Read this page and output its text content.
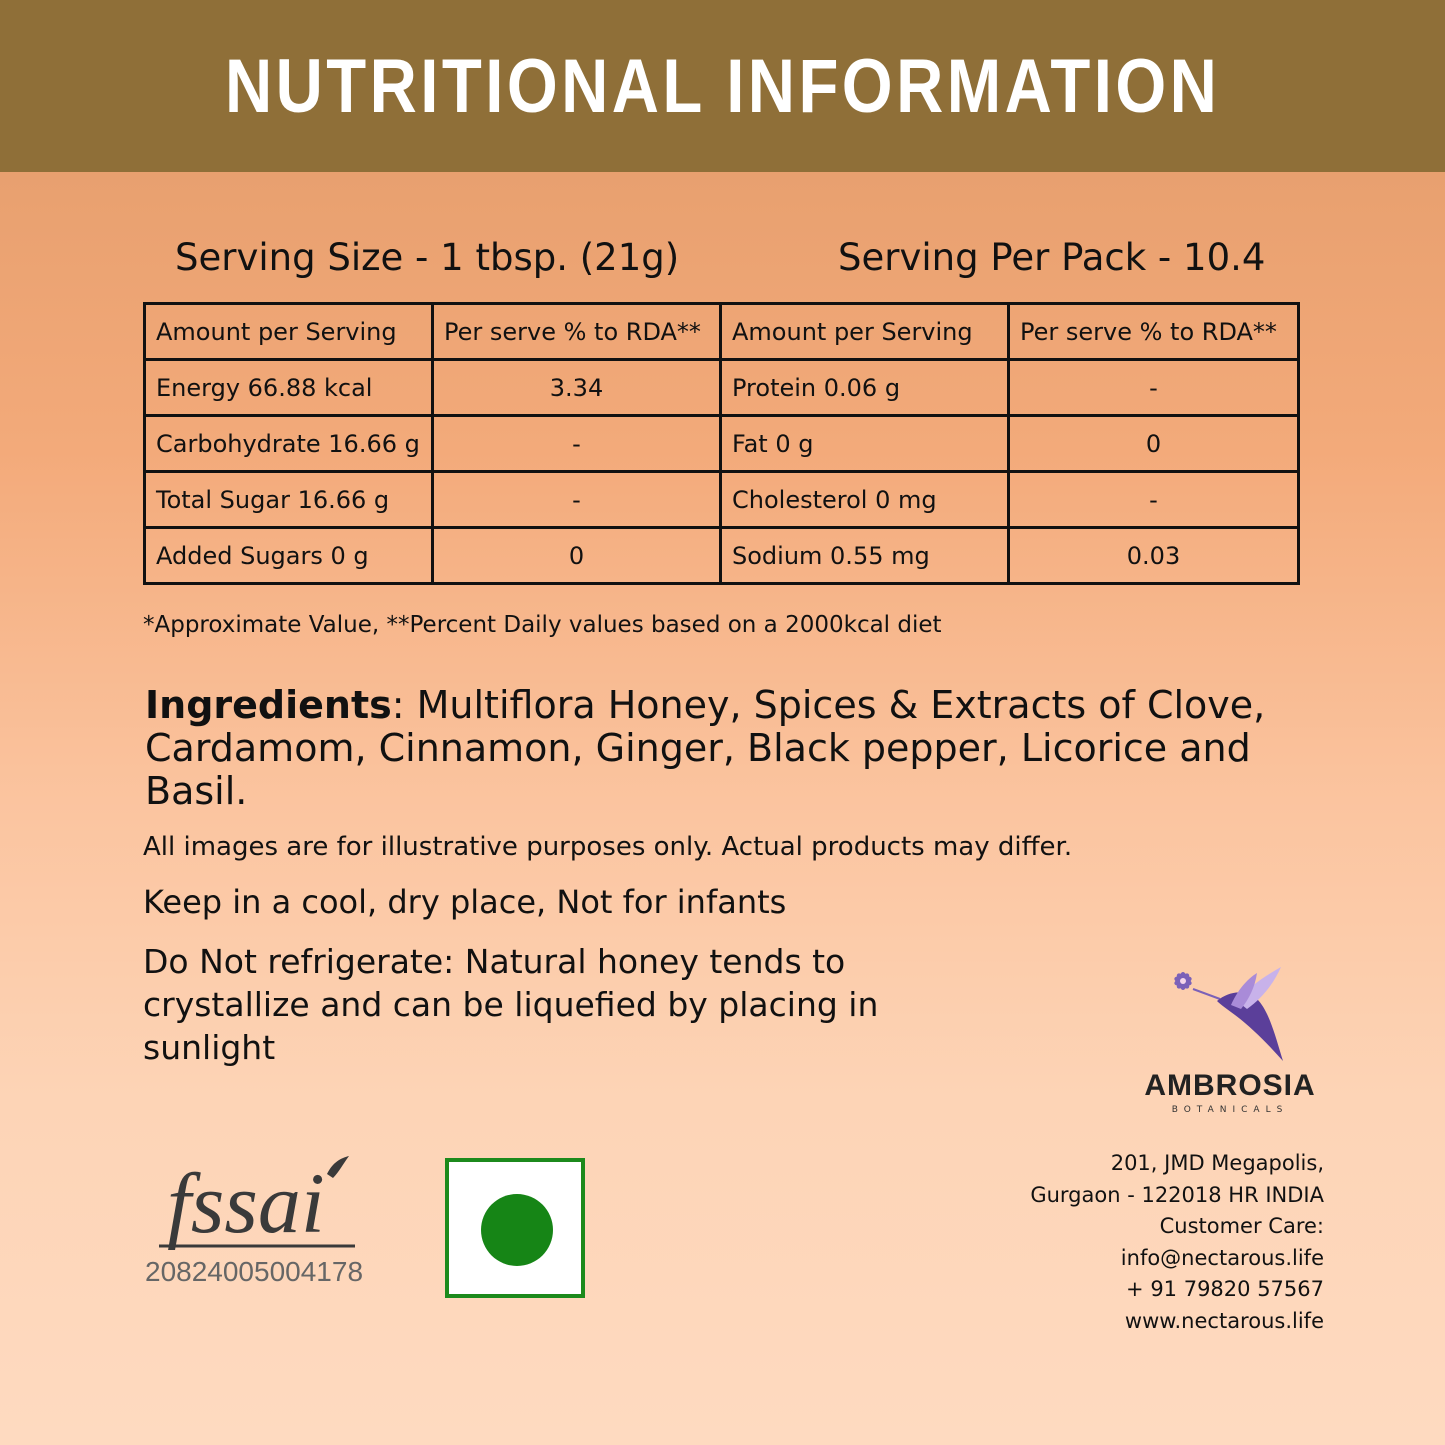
NUTRITIONAL INFORMATION
Serving Size - 1 tbsp. (21g)	Serving Per Pack - 10.4
Amount per Serving	Per serve % to RDA**	Amount per Serving	Per serve % to RDA**
Energy 66.88 kcal	3.34	Protein 0.06 g	-
Carbohydrate 16.66 g	-	Fat 0 g	0
Total Sugar 16.66 g	-	Cholesterol 0 mg	-
Added Sugars 0 g	0	Sodium 0.55 mg	0.03
*Approximate Value, **Percent Daily values based on a 2000kcal diet
Ingredients: Multiflora Honey, Spices & Extracts of Clove, Cardamom, Cinnamon, Ginger, Black pepper, Licorice and Basil.
All images are for illustrative purposes only. Actual products may differ.
Keep in a cool, dry place, Not for infants
Do Not refrigerate: Natural honey tends to crystallize and can be liquefied by placing in sunlight
AMBROSIA
BOTANICALS
201, JMD Megapolis,
Gurgaon - 122018 HR INDIA
Customer Care:
info@nectarous.life
+ 91 79820 57567
www.nectarous.life
fssai
20824005004178
